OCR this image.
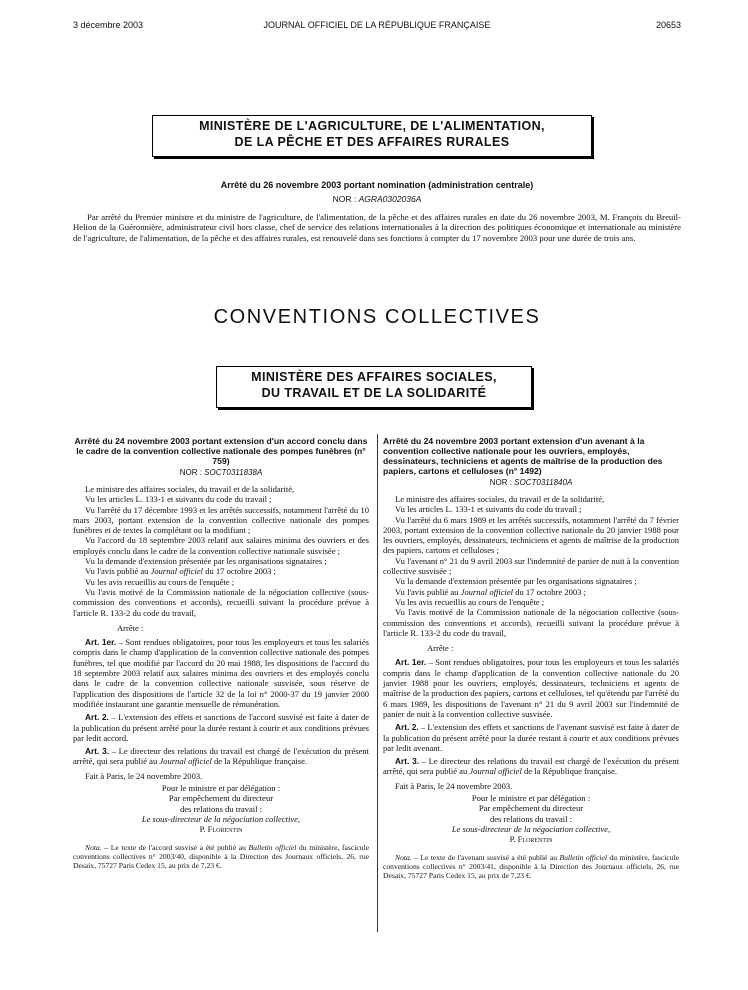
3 décembre 2003	JOURNAL OFFICIEL DE LA RÉPUBLIQUE FRANÇAISE	20653
MINISTÈRE DE L'AGRICULTURE, DE L'ALIMENTATION,
DE LA PÊCHE ET DES AFFAIRES RURALES
Arrêté du 26 novembre 2003 portant nomination (administration centrale)
NOR : AGRA0302036A

Par arrêté du Premier ministre et du ministre de l'agriculture, de l'alimentation, de la pêche et des affaires rurales en date du 26 novembre 2003, M. François du Breuil-Helion de la Guéronnière, administrateur civil hors classe, chef de service des relations internationales à la direction des politiques économique et internationale au ministère de l'agriculture, de l'alimentation, de la pêche et des affaires rurales, est renouvelé dans ses fonctions à compter du 17 novembre 2003 pour une durée de trois ans.

CONVENTIONS COLLECTIVES
MINISTÈRE DES AFFAIRES SOCIALES,
DU TRAVAIL ET DE LA SOLIDARITÉ

Arrêté du 24 novembre 2003 portant extension d'un accord conclu dans le cadre de la convention collective nationale des pompes funèbres (n° 759)

NOR : SOCT0311838A

Le ministre des affaires sociales, du travail et de la solidarité,

Vu les articles L. 133-1 et suivants du code du travail ;

Vu l'arrêté du 17 décembre 1993 et les arrêtés successifs, notamment l'arrêté du 10 mars 2003, portant extension de la convention collective nationale des pompes funèbres et de textes la complétant ou la modifiant ;

Vu l'accord du 18 septembre 2003 relatif aux salaires minima des ouvriers et des employés conclu dans le cadre de la convention collective nationale susvisée ;

Vu la demande d'extension présentée par les organisations signataires ;

Vu l'avis publié au Journal officiel du 17 octobre 2003 ;

Vu les avis recueillis au cours de l'enquête ;

Vu l'avis motivé de la Commission nationale de la négociation collective (sous-commission des conventions et accords), recueilli suivant la procédure prévue à l'article R. 133-2 du code du travail,

Arrête :

Art. 1er. – Sont rendues obligatoires, pour tous les employeurs et tous les salariés compris dans le champ d'application de la convention collective nationale des pompes funèbres, tel que modifié par l'accord du 20 mai 1988, les dispositions de l'accord du 18 septembre 2003 relatif aux salaires minima des ouvriers et des employés conclu dans le cadre de la convention collective nationale susvisée, sous réserve de l'application des dispositions de l'article 32 de la loi n° 2000-37 du 19 janvier 2000 modifiée instaurant une garantie mensuelle de rémunération.

Art. 2. – L'extension des effets et sanctions de l'accord susvisé est faite à dater de la publication du présent arrêté pour la durée restant à courir et aux conditions prévues par ledit accord.

Art. 3. – Le directeur des relations du travail est chargé de l'exécution du présent arrêté, qui sera publié au Journal officiel de la République française.

Fait à Paris, le 24 novembre 2003.

Pour le ministre et par délégation :
Par empêchement du directeur
des relations du travail :
Le sous-directeur de la négociation collective,
P. Florentin

Nota. – Le texte de l'accord susvisé a été publié au Bulletin officiel du ministère, fascicule conventions collectives n° 2003/40, disponible à la Direction des Journaux officiels, 26, rue Desaix, 75727 Paris Cedex 15, au prix de 7,23 €.

Arrêté du 24 novembre 2003 portant extension d'un avenant à la convention collective nationale pour les ouvriers, employés, dessinateurs, techniciens et agents de maîtrise de la production des papiers, cartons et celluloses (n° 1492)

NOR : SOCT0311840A

Le ministre des affaires sociales, du travail et de la solidarité,

Vu les articles L. 133-1 et suivants du code du travail ;

Vu l'arrêté du 6 mars 1989 et les arrêtés successifs, notamment l'arrêté du 7 février 2003, portant extension de la convention collective nationale du 20 janvier 1988 pour les ouvriers, employés, dessinateurs, techniciens et agents de maîtrise de la production des papiers, cartons et celluloses ;

Vu l'avenant n° 21 du 9 avril 2003 sur l'indemnité de panier de nuit à la convention collective susvisée ;

Vu la demande d'extension présentée par les organisations signataires ;

Vu l'avis publié au Journal officiel du 17 octobre 2003 ;

Vu les avis recueillis au cours de l'enquête ;

Vu l'avis motivé de la Commission nationale de la négociation collective (sous-commission des conventions et accords), recueilli suivant la procédure prévue à l'article R. 133-2 du code du travail,

Arrête :

Art. 1er. – Sont rendues obligatoires, pour tous les employeurs et tous les salariés compris dans le champ d'application de la convention collective nationale du 20 janvier 1988 pour les ouvriers, employés, dessinateurs, techniciens et agents de maîtrise de la production des papiers, cartons et celluloses, tel qu'étendu par l'arrêté du 6 mars 1989, les dispositions de l'avenant n° 21 du 9 avril 2003 sur l'indemnité de panier de nuit à la convention collective susvisée.

Art. 2. – L'extension des effets et sanctions de l'avenant susvisé est faite à dater de la publication du présent arrêté pour la durée restant à courir et aux conditions prévues par ledit avenant.

Art. 3. – Le directeur des relations du travail est chargé de l'exécution du présent arrêté, qui sera publié au Journal officiel de la République française.

Fait à Paris, le 24 novembre 2003.

Pour le ministre et par délégation :
Par empêchement du directeur
des relations du travail :
Le sous-directeur de la négociation collective,
P. Florentin

Nota. – Le texte de l'avenant susvisé a été publié au Bulletin officiel du ministère, fascicule conventions collectives n° 2003/41, disponible à la Direction des Journaux officiels, 26, rue Desaix, 75727 Paris Cedex 15, au prix de 7,23 €.
